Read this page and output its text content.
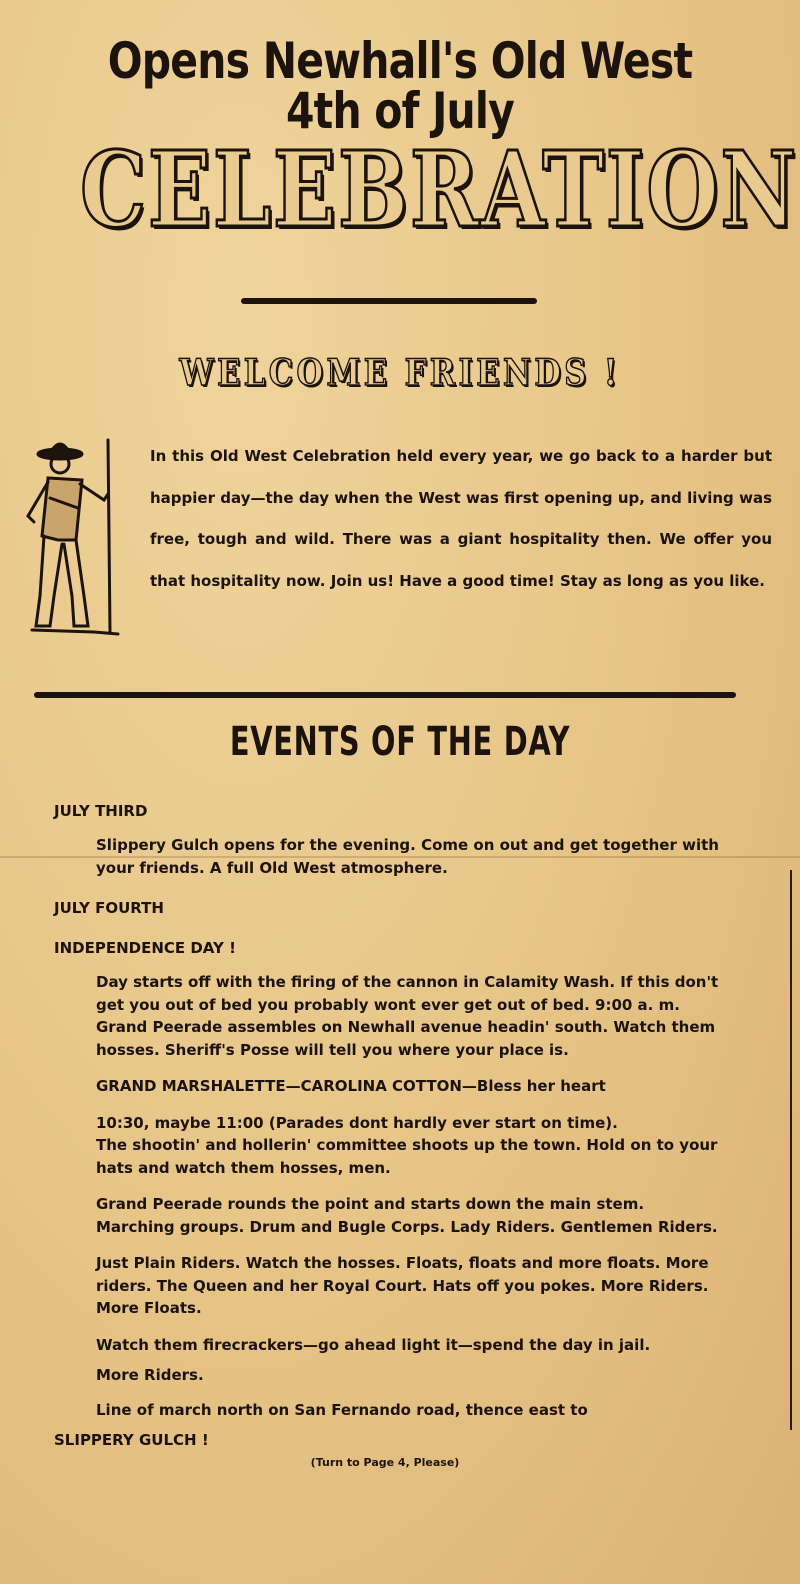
Opens Newhall's Old West 4th of July
CELEBRATION
WELCOME FRIENDS !
In this Old West Celebration held every year, we go back to a harder but happier day—the day when the West was first opening up, and living was free, tough and wild. There was a giant hospitality then. We offer you that hospitality now. Join us! Have a good time! Stay as long as you like.
EVENTS OF THE DAY
JULY THIRD
Slippery Gulch opens for the evening. Come on out and get together with your friends. A full Old West atmosphere.
JULY FOURTH
INDEPENDENCE DAY !
Day starts off with the firing of the cannon in Calamity Wash. If this don't get you out of bed you probably wont ever get out of bed. 9:00 a. m. Grand Peerade assembles on Newhall avenue headin' south. Watch them hosses. Sheriff's Posse will tell you where your place is.
GRAND MARSHALETTE—CAROLINA COTTON—Bless her heart
10:30, maybe 11:00 (Parades dont hardly ever start on time).
The shootin' and hollerin' committee shoots up the town. Hold on to your hats and watch them hosses, men.
Grand Peerade rounds the point and starts down the main stem. Marching groups. Drum and Bugle Corps. Lady Riders. Gentlemen Riders.
Just Plain Riders. Watch the hosses. Floats, floats and more floats. More riders. The Queen and her Royal Court. Hats off you pokes. More Riders. More Floats.
Watch them firecrackers—go ahead light it—spend the day in jail.
More Riders.
Line of march north on San Fernando road, thence east to
SLIPPERY GULCH !
(Turn to Page 4, Please)
